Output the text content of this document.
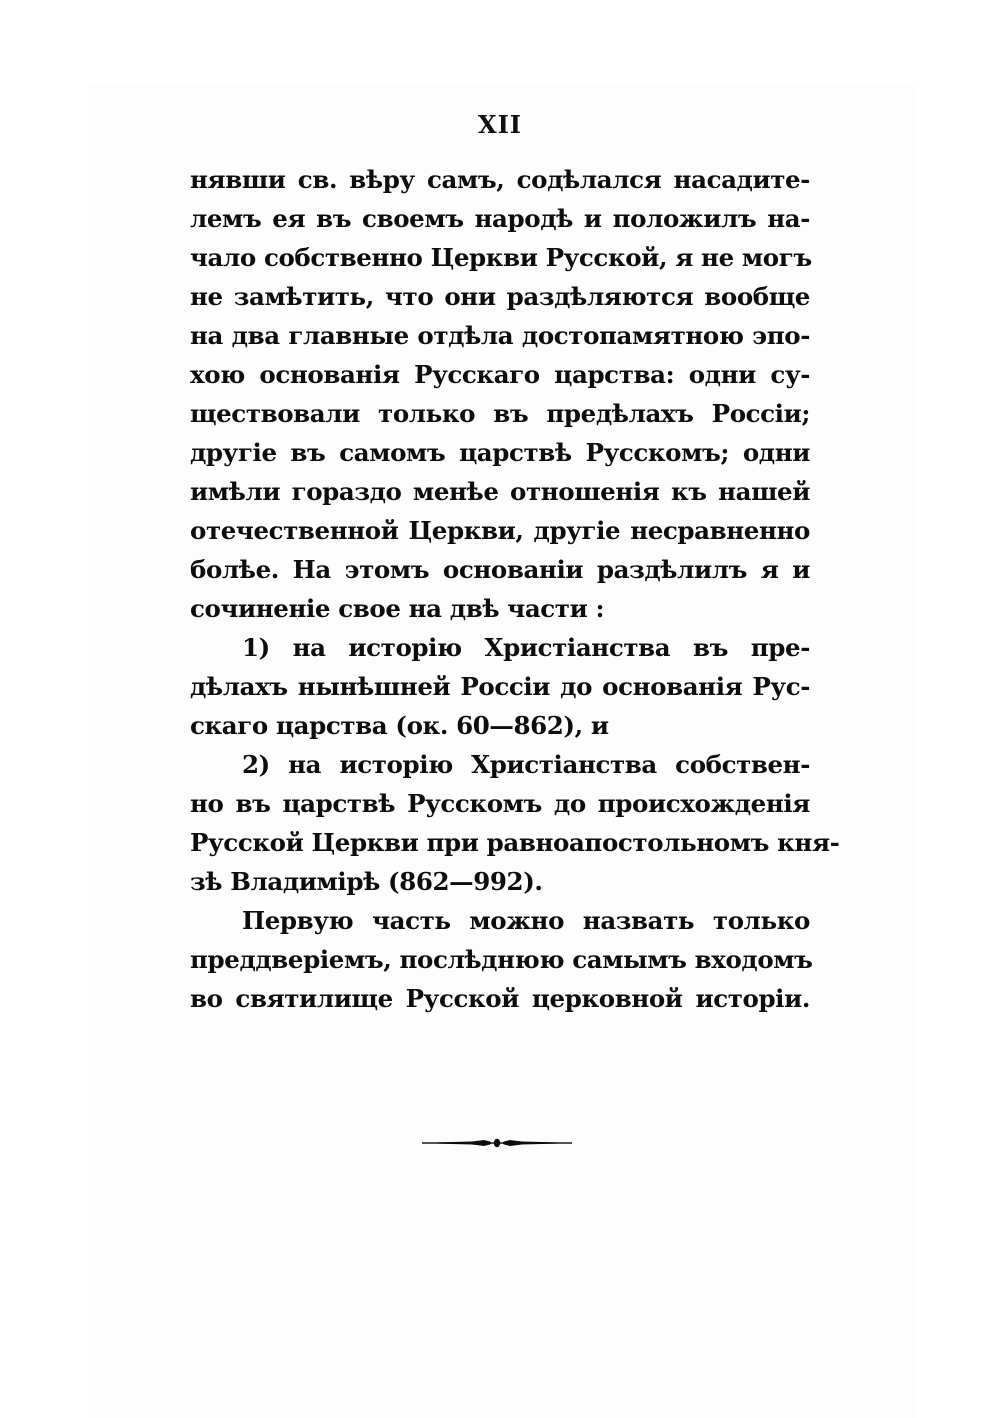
XII
нявши св. вѣру самъ, содѣлался насадите-
лемъ ея въ своемъ народѣ и положилъ на-
чало собственно Церкви Русской, я не могъ
не замѣтить, что они раздѣляются вообще
на два главные отдѣла достопамятною эпо-
хою основанія Русскаго царства: одни су-
ществовали только въ предѣлахъ Россіи;
другіе въ самомъ царствѣ Русскомъ; одни
имѣли гораздо менѣе отношенія къ нашей
отечественной Церкви, другіе несравненно
болѣе. На этомъ основаніи раздѣлилъ я и
сочиненіе свое на двѣ части :
1) на исторію Христіанства въ пре-
дѣлахъ нынѣшней Россіи до основанія Рус-
скаго царства (ок. 60—862), и
2) на исторію Христіанства собствен-
но въ царствѣ Русскомъ до происхожденія
Русской Церкви при равноапостольномъ кня-
зѣ Владимірѣ (862—992).
Первую часть можно назвать только
преддверіемъ, послѣднюю самымъ входомъ
во святилище Русской церковной исторіи.
